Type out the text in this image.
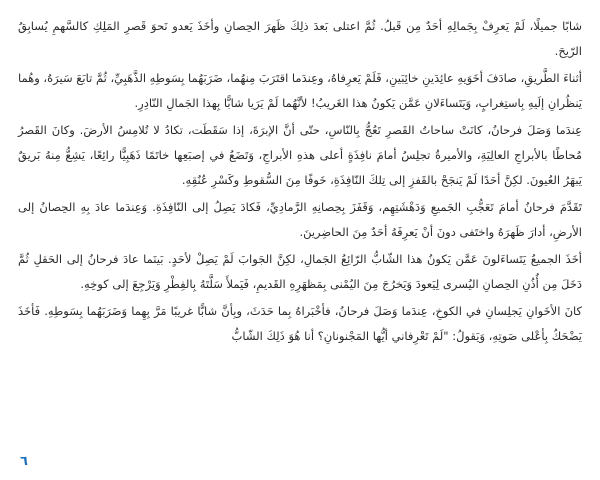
شابًا جميلًا، لَمْ يَعرِفْ بِجَمالِهِ أحَدٌ مِن قَبلُ. ثُمَّ اعتلى بَعدَ ذلِكَ ظَهرَ الحِصانِ وأخَذَ يَعدو نَحوَ قَصرِ المَلِكِ كالسَّهمِ يُسابِقُ الرّيحَ.

أثناءَ الطَّريقِ، صادَفَ أخَوَيهِ عائِدَينِ خائِبَينِ، فَلَمْ يَعرِفاهُ، وعِندَما اقتَرَبَ مِنهُما، ضَرَبَهُما بِسَوطِهِ الذَّهَبِيِّ، ثُمَّ تابَعَ سَيرَهُ، وهُما يَنظُرانِ إلَيهِ بِاستِغرابٍ، وَيَتَساءَلانِ عَمَّن يَكونُ هذا الغَريبُ! لأنَّهُما لَمْ يَرَيا شابًّا بِهذا الجَمالِ النّادِرِ.

عِندَما وَصَلَ فرحانُ، كانَتْ ساحاتُ القَصرِ تَعُجُّ بِالنّاسِ، حتّى أنَّ الإبرَةَ، إذا سَقَطَت، تكادُ لا تُلامِسُ الأرضَ. وكانَ القَصرُ مُحاطًا بالأبراجِ العالِيَةِ، والأميرةُ تجلِسُ أمامَ نافِذَةٍ أعلى هذهِ الأبراجِ، وَتَضَعُ في إصبَعِها خاتَمًا ذَهَبِيًّا رائِعًا، يَشِعُّ مِنهُ بَريقٌ يَبهَرُ العُيونَ. لكِنَّ أحَدًا لَمْ يَنجَحْ بالقَفزِ إلى تِلكَ النّافِذَةِ، خَوفًا مِنَ السُّقوطِ وكَسْرِ عُنُقِهِ.

تَقَدَّمَ فرحانُ أمامَ تَعَجُّبِ الجَميعِ وَدَهْشَتِهِم، وَقَفَزَ بِحِصانِهِ الرَّمادِيِّ، فَكادَ يَصِلُ إلى النّافِذَةِ. وَعِندَما عادَ بِهِ الحِصانُ إلى الأرضِ، أدارَ ظَهرَهُ واختَفى دونَ أنْ يَعرِفَهُ أحَدٌ مِنَ الحاضِرينَ.

أخَذَ الجميعُ يَتَساءَلونَ عَمَّن يَكونُ هذا الشّابُّ الرّائِعُ الجَمالِ، لكِنَّ الجَوابَ لَمْ يَصِلْ لأحَدٍ. بَينَما عادَ فرحانُ إلى الحَقلِ ثُمَّ دَخَلَ مِن أُذُنِ الحِصانِ اليُسرى لِيَعودَ وَيَخرُجَ مِنَ اليُمْنى بِمَظهَرِهِ القَديمِ، فَيَملأَ سَلَّتَهُ بِالفِطْرِ وَيَرْجِعَ إلى كوخِهِ.

كانَ الأخَوانِ يَجلِسانِ في الكوخِ، عِندَما وَصَلَ فرحانُ، فأخْبَراهُ بِما حَدَثَ، وبِأنَّ شابًّا غريبًا مَرَّ بِهِما وَضَرَبَهُما بِسَوطِهِ. فَأخَذَ يَضْحَكُ بِأعْلى صَوتِهِ، وَيَقولُ: "لَمْ تَعْرِفاني أيُّها المَجْنونانِ؟ أنا هُوَ ذَلِكَ الشّابُّ

٦
